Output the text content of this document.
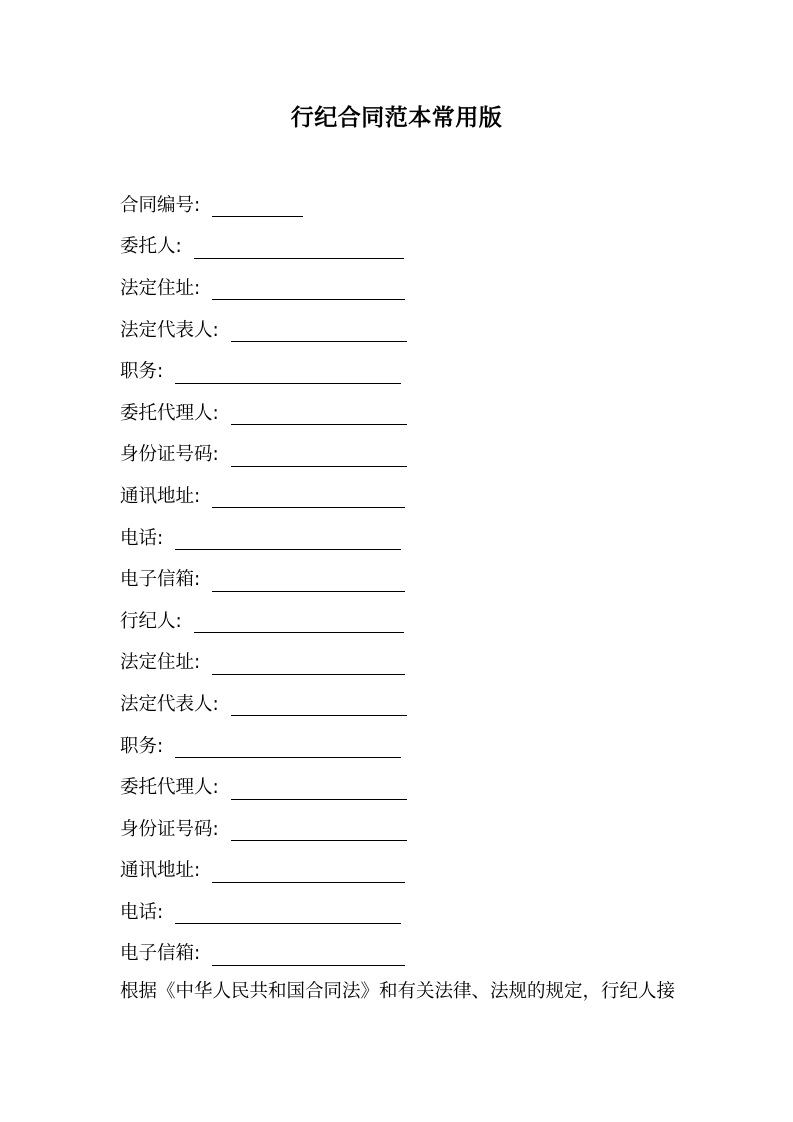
行纪合同范本常用版
合同编号:
委托人:
法定住址:
法定代表人:
职务:
委托代理人:
身份证号码:
通讯地址:
电话:
电子信箱:
行纪人:
法定住址:
法定代表人:
职务:
委托代理人:
身份证号码:
通讯地址:
电话:
电子信箱:
根据《中华人民共和国合同法》和有关法律、法规的规定，行纪人接
